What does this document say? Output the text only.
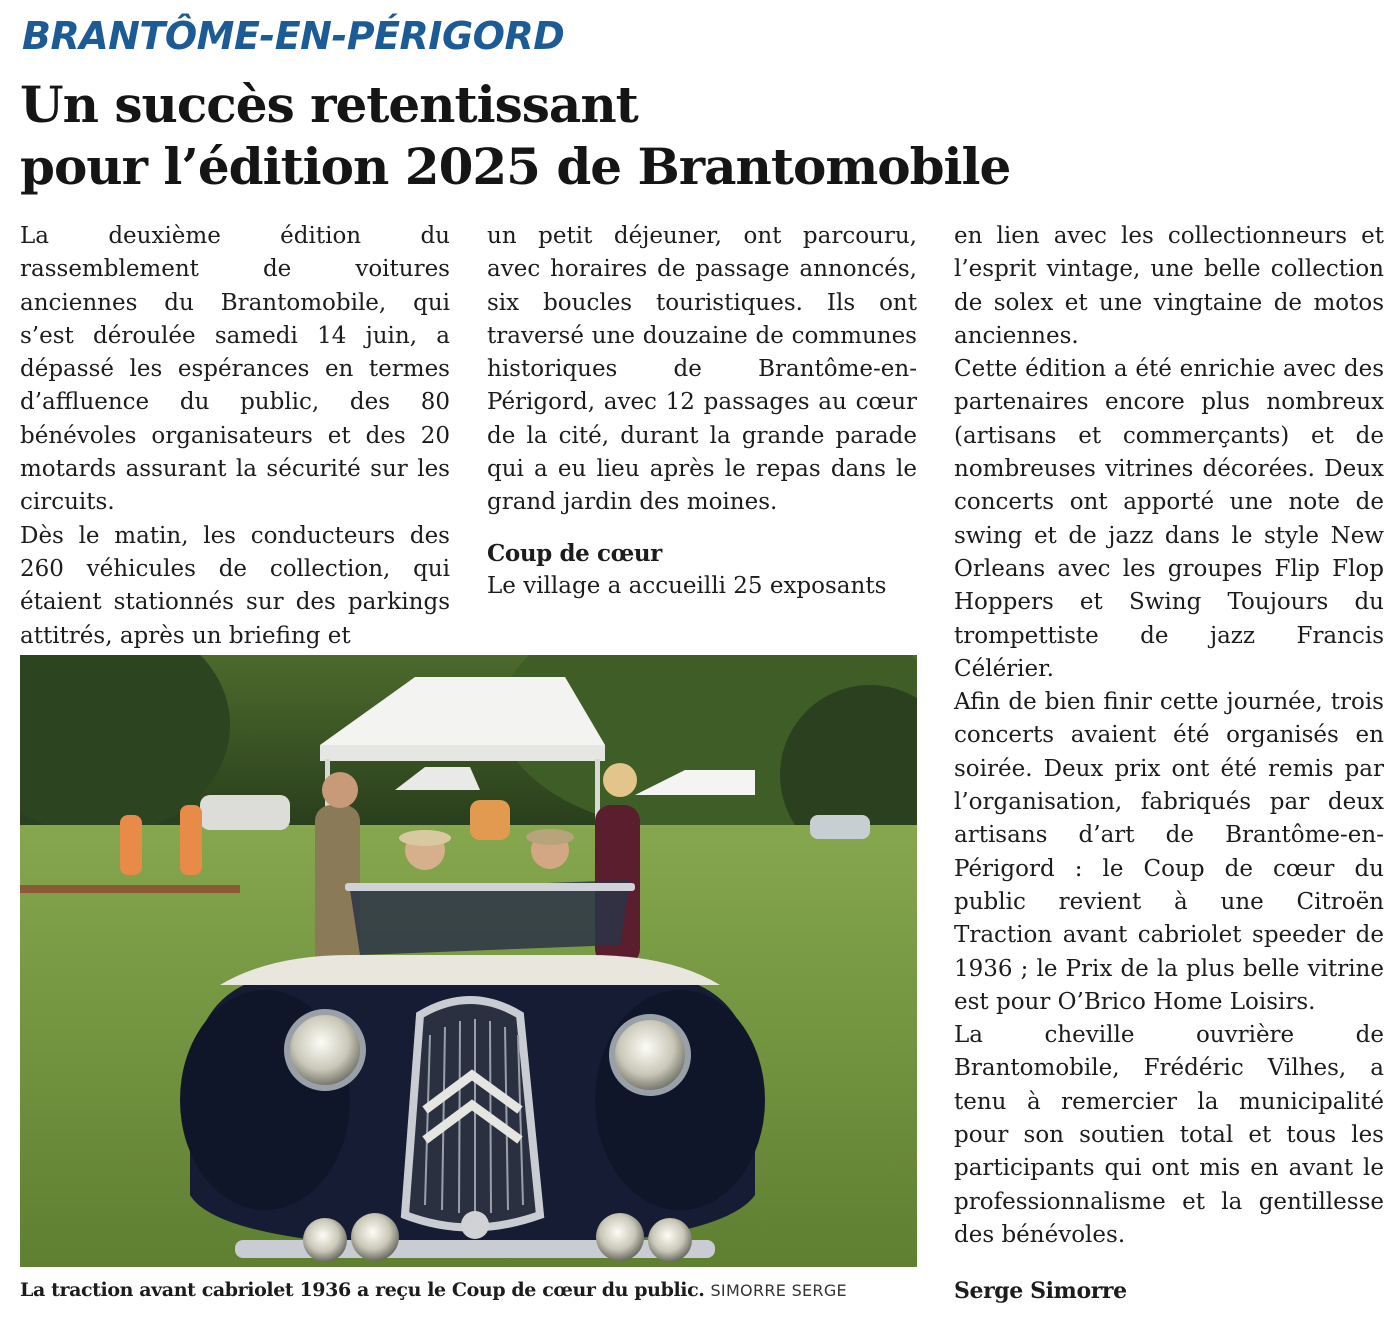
BRANTÔME-EN-PÉRIGORD
Un succès retentissant
pour l’édition 2025 de Brantomobile

La deuxième édition du rassemblement de voitures anciennes du Brantomobile, qui s’est déroulée samedi 14 juin, a dépassé les espérances en termes d’affluence du public, des 80 bénévoles organisateurs et des 20 motards assurant la sécurité sur les circuits.

Dès le matin, les conducteurs des 260 véhicules de collection, qui étaient stationnés sur des parkings attitrés, après un briefing et

un petit déjeuner, ont parcouru, avec horaires de passage annoncés, six boucles touristiques. Ils ont traversé une douzaine de communes historiques de Brantôme-en-Périgord, avec 12 passages au cœur de la cité, durant la grande parade qui a eu lieu après le repas dans le grand jardin des moines.

Coup de cœur

Le village a accueilli 25 exposants

en lien avec les collectionneurs et l’esprit vintage, une belle collection de solex et une vingtaine de motos anciennes.

Cette édition a été enrichie avec des partenaires encore plus nombreux (artisans et commerçants) et de nombreuses vitrines décorées. Deux concerts ont apporté une note de swing et de jazz dans le style New Orleans avec les groupes Flip Flop Hoppers et Swing Toujours du trompettiste de jazz Francis Célérier.

Afin de bien finir cette journée, trois concerts avaient été organisés en soirée. Deux prix ont été remis par l’organisation, fabriqués par deux artisans d’art de Brantôme-en-Périgord : le Coup de cœur du public revient à une Citroën Traction avant cabriolet speeder de 1936 ; le Prix de la plus belle vitrine est pour O’Brico Home Loisirs.

La cheville ouvrière de Brantomobile, Frédéric Vilhes, a tenu à remercier la municipalité pour son soutien total et tous les participants qui ont mis en avant le professionnalisme et la gentillesse des bénévoles.

La traction avant cabriolet 1936 a reçu le Coup de cœur du public. SIMORRE SERGE	Serge Simorre
